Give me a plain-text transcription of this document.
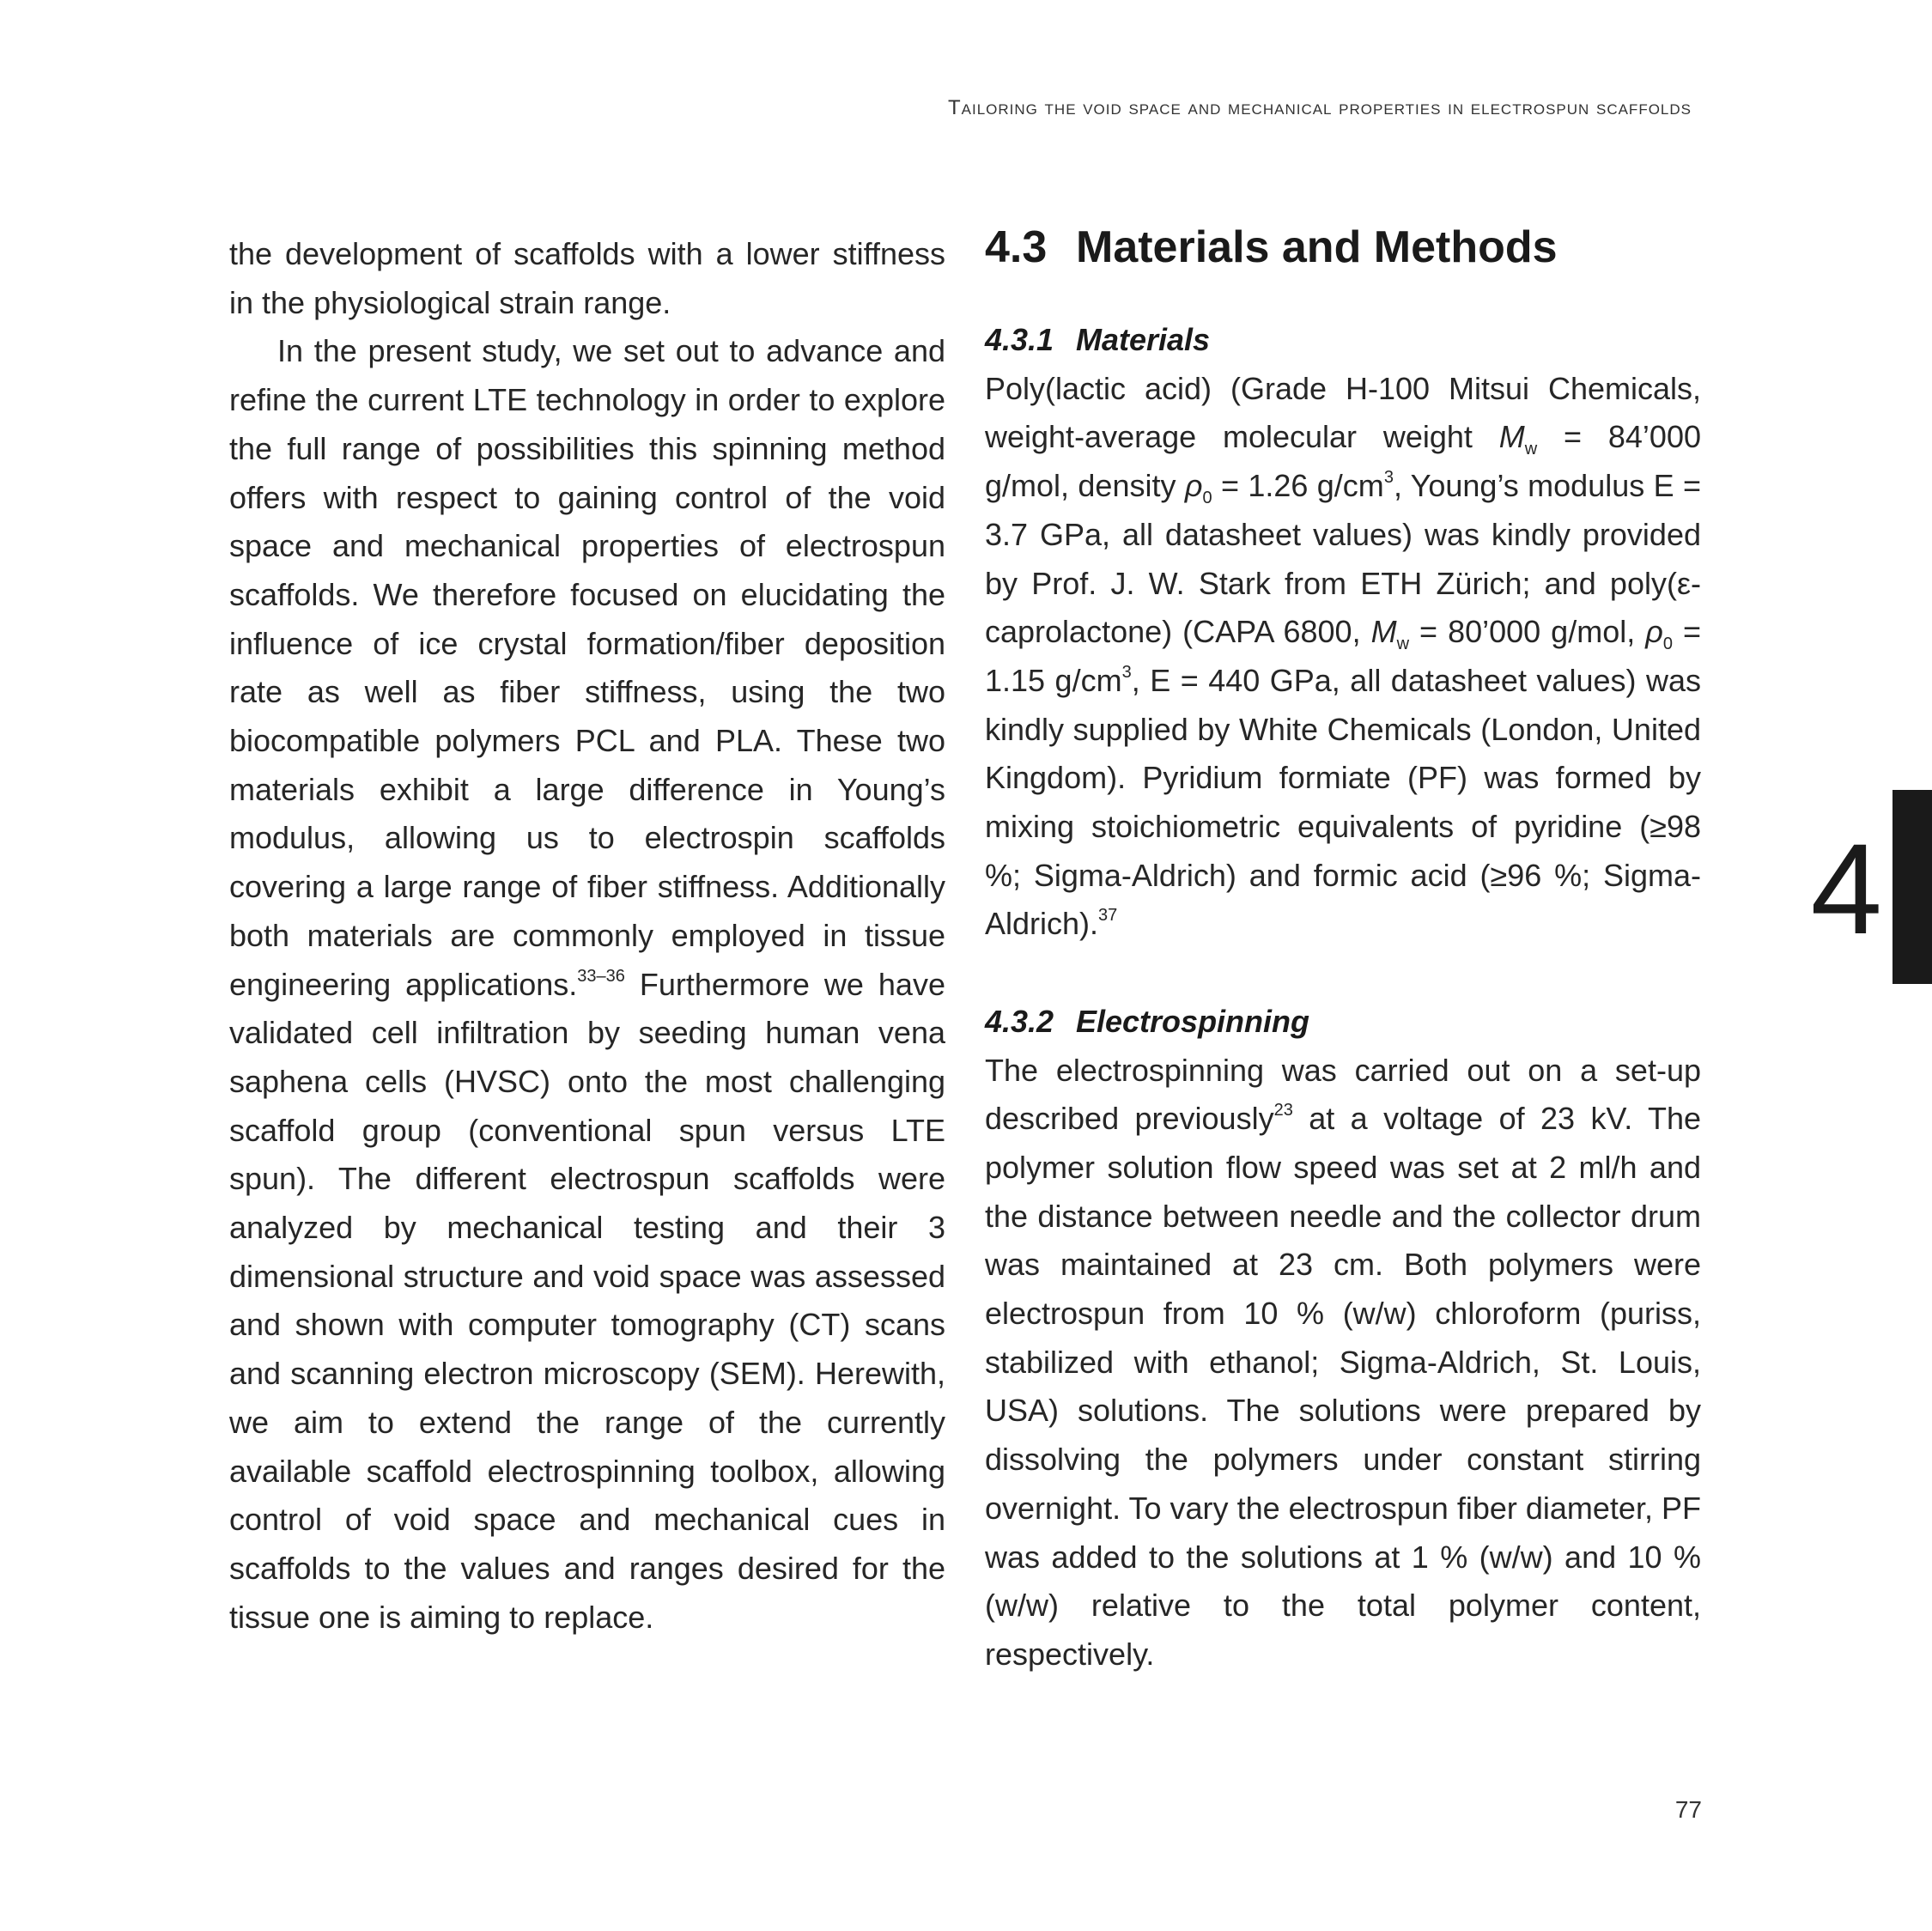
Tailoring the void space and mechanical properties in electrospun scaffolds

the development of scaffolds with a lower stiffness in the physiological strain range.

In the present study, we set out to advance and refine the current LTE technology in order to explore the full range of possibilities this spinning method offers with respect to gaining control of the void space and mechanical properties of electrospun scaffolds. We therefore focused on elucidating the influence of ice crystal formation/fiber deposition rate as well as fiber stiffness, using the two biocompatible polymers PCL and PLA. These two materials exhibit a large difference in Young’s modulus, allowing us to electrospin scaffolds covering a large range of fiber stiffness. Additionally both materials are commonly employed in tissue engineering applications.$^{33-36}$ Furthermore we have validated cell infiltration by seeding human vena saphena cells (HVSC) onto the most challenging scaffold group (conventional spun versus LTE spun). The different electrospun scaffolds were analyzed by mechanical testing and their 3 dimensional structure and void space was assessed and shown with computer tomography (CT) scans and scanning electron microscopy (SEM). Herewith, we aim to extend the range of the currently available scaffold electrospinning toolbox, allowing control of void space and mechanical cues in scaffolds to the values and ranges desired for the tissue one is aiming to replace.

4.3 Materials and Methods
4.3.1 Materials

Poly(lactic acid) (Grade H-100 Mitsui Chemicals, weight-average molecular weight $M_w$ = 84’000 g/mol, density $\rho_0 = 1.26$ $g/cm^3$, Young’s modulus E = 3.7 GPa, all datasheet values) was kindly provided by Prof. J. W. Stark from ETH Zürich; and poly(ε-caprolactone) (CAPA 6800, $M_w$ = 80’000 g/mol, $\rho_0 = 1.15$ $g/cm^3$, E = 440 GPa, all datasheet values) was kindly supplied by White Chemicals (London, United Kingdom). Pyridium formiate (PF) was formed by mixing stoichiometric equivalents of pyridine (≥98 %; Sigma-Aldrich) and formic acid (≥96 %; Sigma-Aldrich).$^{37}$

4.3.2 Electrospinning

The electrospinning was carried out on a set-up described previously$^{23}$ at a voltage of 23 kV. The polymer solution flow speed was set at 2 ml/h and the distance between needle and the collector drum was maintained at 23 cm. Both polymers were electrospun from 10 % (w/w) chloroform (puriss, stabilized with ethanol; Sigma-Aldrich, St. Louis, USA) solutions. The solutions were prepared by dissolving the polymers under constant stirring overnight. To vary the electrospun fiber diameter, PF was added to the solutions at 1 % (w/w) and 10 % (w/w) relative to the total polymer content, respectively.

4
77
